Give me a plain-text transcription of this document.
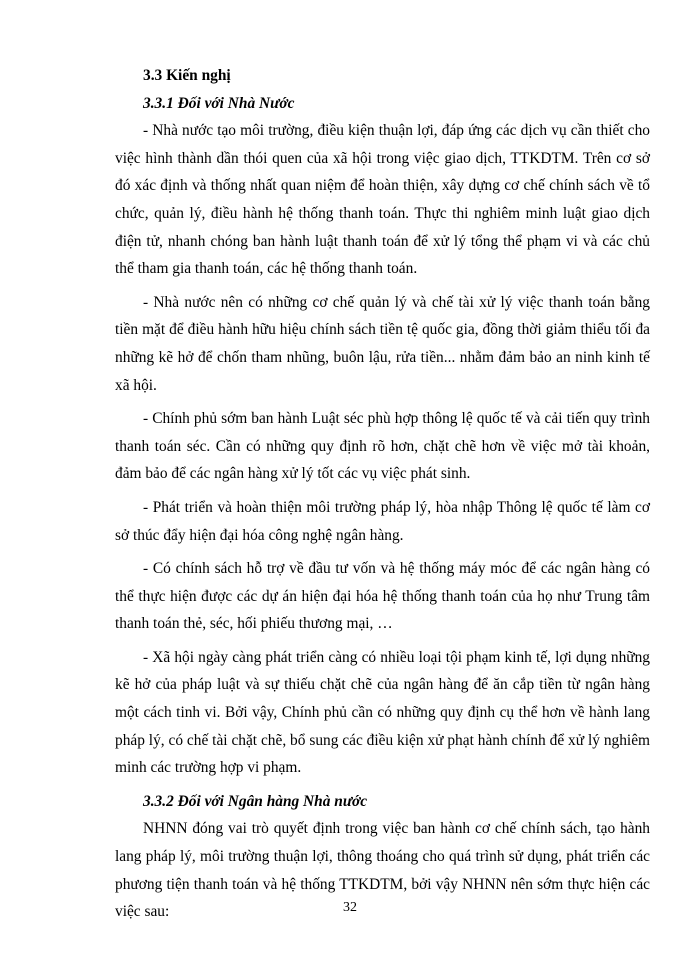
3.3 Kiến nghị

3.3.1 Đối với Nhà Nước

- Nhà nước tạo môi trường, điều kiện thuận lợi, đáp ứng các dịch vụ cần thiết cho việc hình thành dần thói quen của xã hội trong việc giao dịch, TTKDTM. Trên cơ sở đó xác định và thống nhất quan niệm để hoàn thiện, xây dựng cơ chế chính sách về tổ chức, quản lý, điều hành hệ thống thanh toán. Thực thi nghiêm minh luật giao dịch điện tử, nhanh chóng ban hành luật thanh toán để xử lý tổng thể phạm vi và các chủ thể tham gia thanh toán, các hệ thống thanh toán.

- Nhà nước nên có những cơ chế quản lý và chế tài xử lý việc thanh toán bằng tiền mặt để điều hành hữu hiệu chính sách tiền tệ quốc gia, đồng thời giảm thiểu tối đa những kẽ hở để chốn tham nhũng, buôn lậu, rửa tiền... nhằm đảm bảo an ninh kinh tế xã hội.

- Chính phủ sớm ban hành Luật séc phù hợp thông lệ quốc tế và cải tiến quy trình thanh toán séc. Cần có những quy định rõ hơn, chặt chẽ hơn về việc mở tài khoản, đảm bảo để các ngân hàng xử lý tốt các vụ việc phát sinh.

- Phát triển và hoàn thiện môi trường pháp lý, hòa nhập Thông lệ quốc tế làm cơ sở thúc đẩy hiện đại hóa công nghệ ngân hàng.

- Có chính sách hỗ trợ về đầu tư vốn và hệ thống máy móc để các ngân hàng có thể thực hiện được các dự án hiện đại hóa hệ thống thanh toán của họ như Trung tâm thanh toán thẻ, séc, hối phiếu thương mại, …

- Xã hội ngày càng phát triển càng có nhiều loại tội phạm kinh tế, lợi dụng những kẽ hở của pháp luật và sự thiếu chặt chẽ của ngân hàng để ăn cắp tiền từ ngân hàng một cách tinh vi. Bởi vậy, Chính phủ cần có những quy định cụ thể hơn về hành lang pháp lý, có chế tài chặt chẽ, bổ sung các điều kiện xử phạt hành chính để xử lý nghiêm minh các trường hợp vi phạm.

3.3.2 Đối với Ngân hàng Nhà nước

NHNN đóng vai trò quyết định trong việc ban hành cơ chế chính sách, tạo hành lang pháp lý, môi trường thuận lợi, thông thoáng cho quá trình sử dụng, phát triển các phương tiện thanh toán và hệ thống TTKDTM, bởi vậy NHNN nên sớm thực hiện các việc sau:	32
